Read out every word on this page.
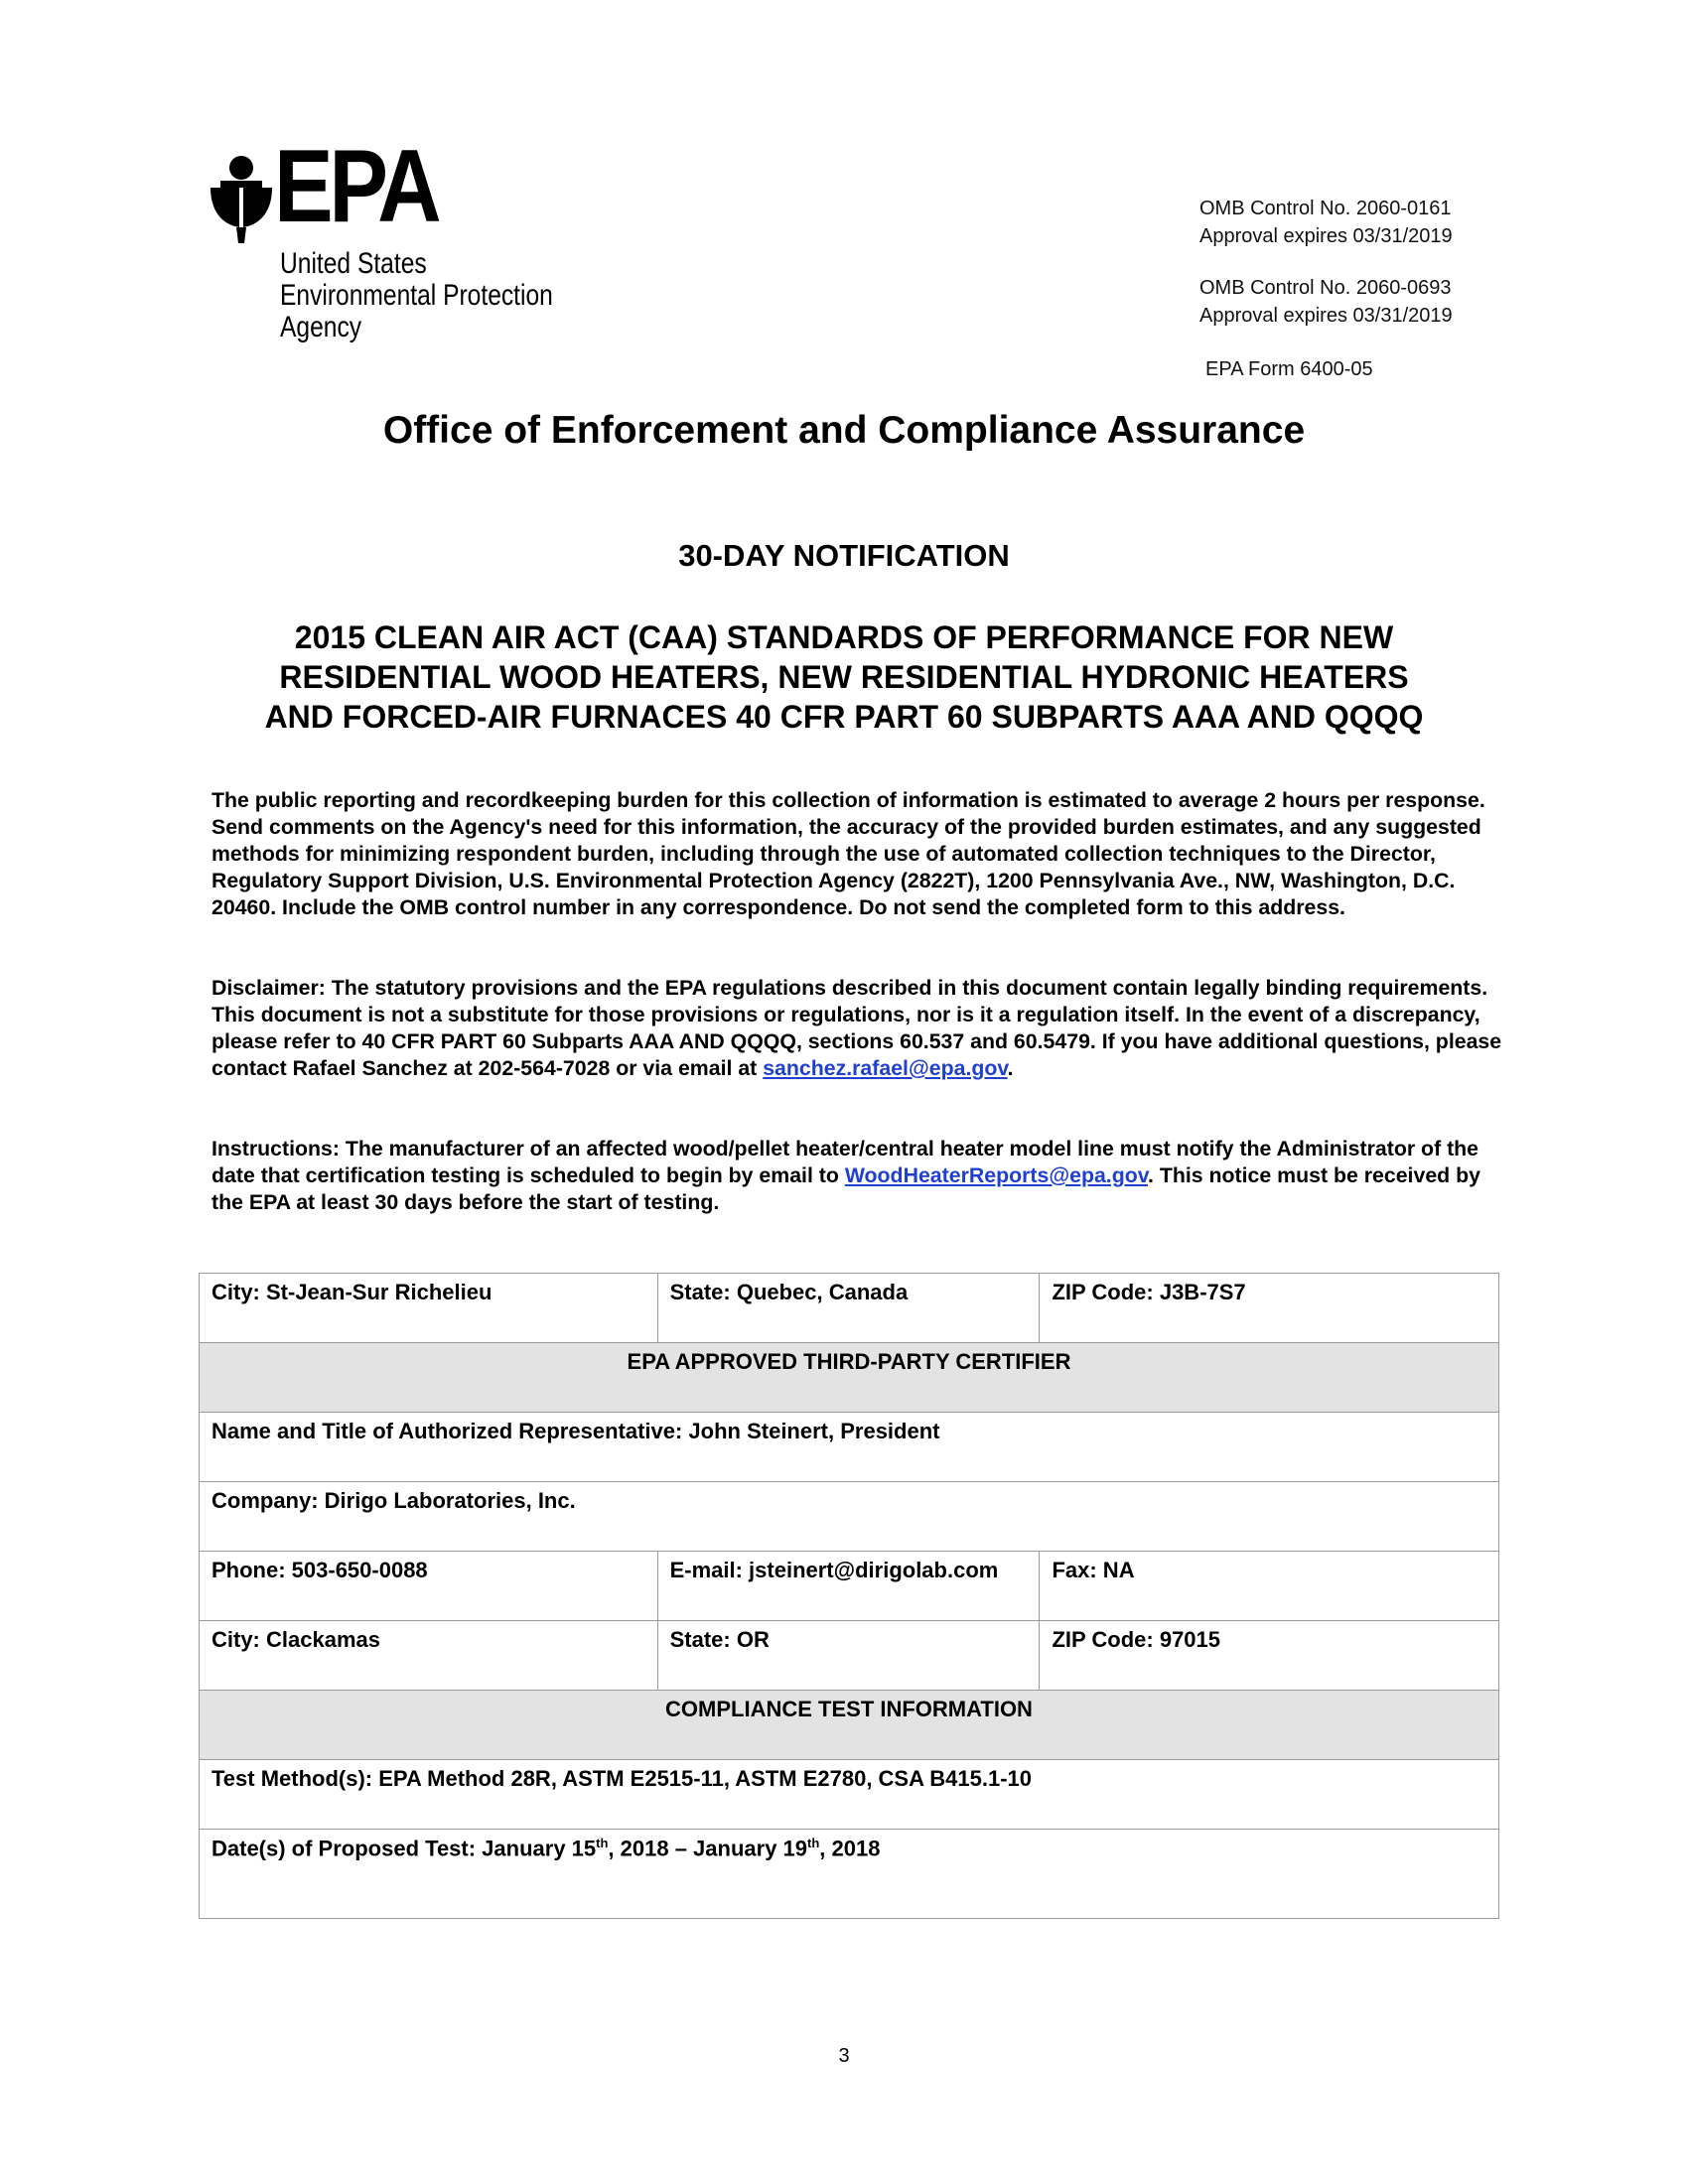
EPA
United States
Environmental Protection
Agency
OMB Control No. 2060-0161
Approval expires 03/31/2019
OMB Control No. 2060-0693
Approval expires 03/31/2019
EPA Form 6400-05
Office of Enforcement and Compliance Assurance
30-DAY NOTIFICATION
2015 CLEAN AIR ACT (CAA) STANDARDS OF PERFORMANCE FOR NEW
RESIDENTIAL WOOD HEATERS, NEW RESIDENTIAL HYDRONIC HEATERS
AND FORCED-AIR FURNACES 40 CFR PART 60 SUBPARTS AAA AND QQQQ
The public reporting and recordkeeping burden for this collection of information is estimated to average 2 hours per response. Send comments on the Agency's need for this information, the accuracy of the provided burden estimates, and any suggested methods for minimizing respondent burden, including through the use of automated collection techniques to the Director, Regulatory Support Division, U.S. Environmental Protection Agency (2822T), 1200 Pennsylvania Ave., NW, Washington, D.C. 20460. Include the OMB control number in any correspondence. Do not send the completed form to this address.
Disclaimer: The statutory provisions and the EPA regulations described in this document contain legally binding requirements. This document is not a substitute for those provisions or regulations, nor is it a regulation itself. In the event of a discrepancy, please refer to 40 CFR PART 60 Subparts AAA AND QQQQ, sections 60.537 and 60.5479. If you have additional questions, please contact Rafael Sanchez at 202-564-7028 or via email at sanchez.rafael@epa.gov.
Instructions: The manufacturer of an affected wood/pellet heater/central heater model line must notify the Administrator of the date that certification testing is scheduled to begin by email to WoodHeaterReports@epa.gov. This notice must be received by the EPA at least 30 days before the start of testing.
City: St-Jean-Sur Richelieu	State: Quebec, Canada	ZIP Code: J3B-7S7
EPA APPROVED THIRD-PARTY CERTIFIER		
Name and Title of Authorized Representative: John Steinert, President		
Company: Dirigo Laboratories, Inc.		
Phone: 503-650-0088	E-mail: jsteinert@dirigolab.com	Fax: NA
City: Clackamas	State: OR	ZIP Code: 97015
COMPLIANCE TEST INFORMATION		
Test Method(s): EPA Method 28R, ASTM E2515-11, ASTM E2780, CSA B415.1-10		
Date(s) of Proposed Test: January 15th, 2018 – January 19th, 2018		
3
